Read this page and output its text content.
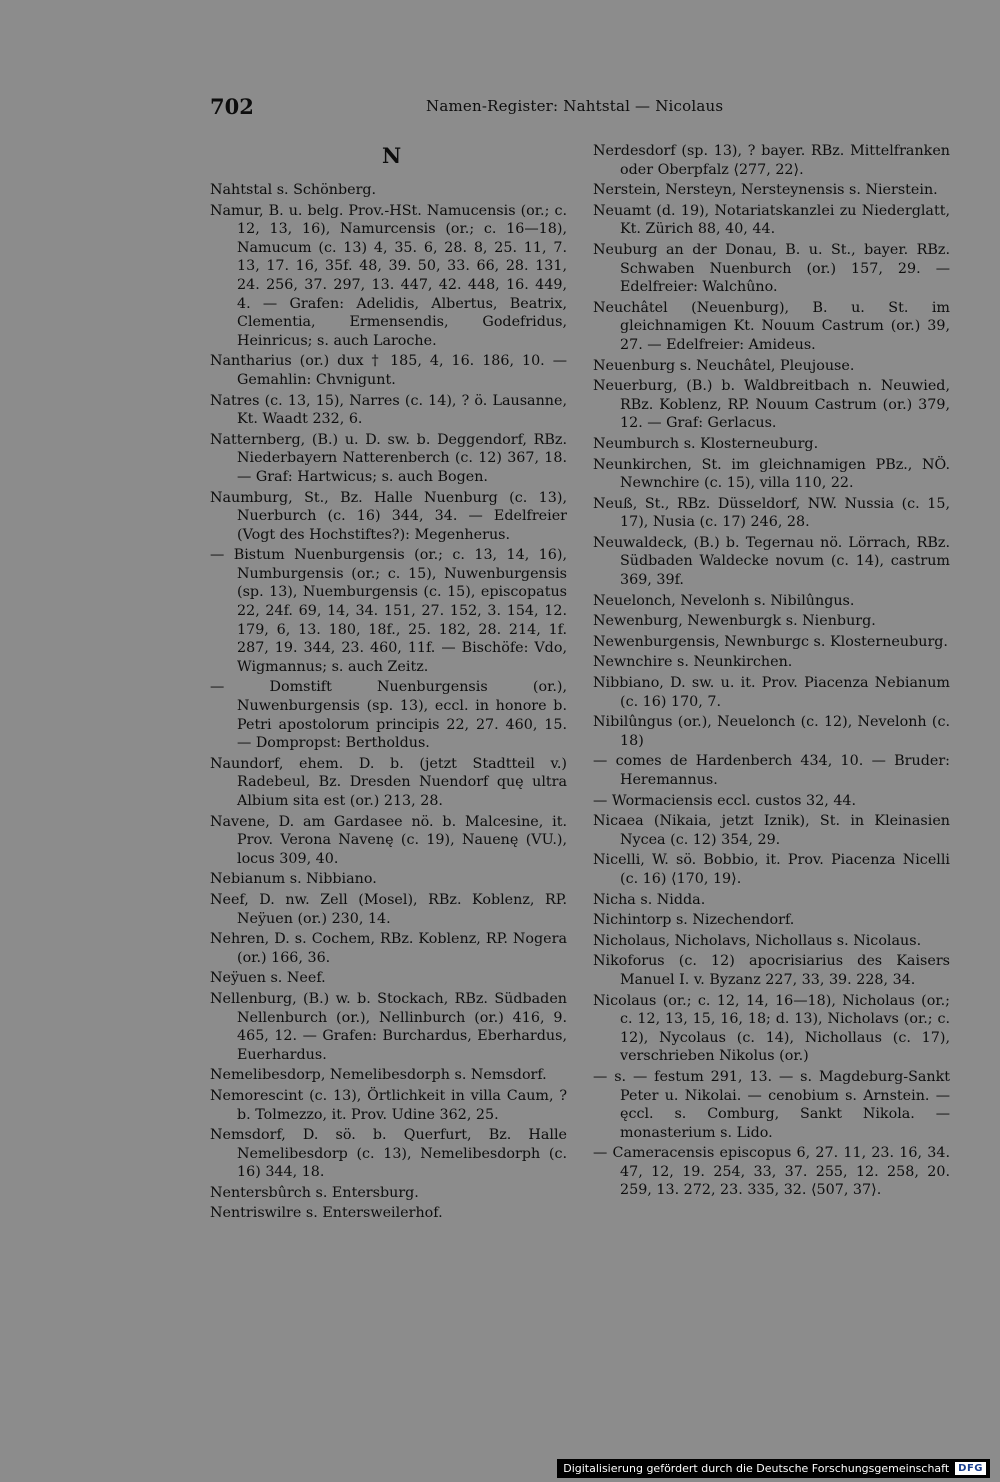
702	Namen-Register: Nahtstal — Nicolaus
N
Nahtstal s. Schönberg.
Namur, B. u. belg. Prov.-HSt. Namucensis (or.; c. 12, 13, 16), Namurcensis (or.; c. 16—18), Namucum (c. 13) 4, 35. 6, 28. 8, 25. 11, 7. 13, 17. 16, 35f. 48, 39. 50, 33. 66, 28. 131, 24. 256, 37. 297, 13. 447, 42. 448, 16. 449, 4. — Grafen: Adelidis, Albertus, Beatrix, Clementia, Ermensendis, Godefridus, Heinricus; s. auch Laroche.
Nantharius (or.) dux † 185, 4, 16. 186, 10. — Gemahlin: Chvnigunt.
Natres (c. 13, 15), Narres (c. 14), ? ö. Lausanne, Kt. Waadt 232, 6.
Natternberg, (B.) u. D. sw. b. Deggendorf, RBz. Niederbayern Natterenberch (c. 12) 367, 18. — Graf: Hartwicus; s. auch Bogen.
Naumburg, St., Bz. Halle Nuenburg (c. 13), Nuerburch (c. 16) 344, 34. — Edelfreier (Vogt des Hochstiftes?): Megenherus.
— Bistum Nuenburgensis (or.; c. 13, 14, 16), Numburgensis (or.; c. 15), Nuwenburgensis (sp. 13), Nuemburgensis (c. 15), episcopatus 22, 24f. 69, 14, 34. 151, 27. 152, 3. 154, 12. 179, 6, 13. 180, 18f., 25. 182, 28. 214, 1f. 287, 19. 344, 23. 460, 11f. — Bischöfe: Vdo, Wigmannus; s. auch Zeitz.
— Domstift Nuenburgensis (or.), Nuwenburgensis (sp. 13), eccl. in honore b. Petri apostolorum principis 22, 27. 460, 15. — Dompropst: Bertholdus.
Naundorf, ehem. D. b. (jetzt Stadtteil v.) Radebeul, Bz. Dresden Nuendorf quę ultra Albium sita est (or.) 213, 28.
Navene, D. am Gardasee nö. b. Malcesine, it. Prov. Verona Navenę (c. 19), Nauenę (VU.), locus 309, 40.
Nebianum s. Nibbiano.
Neef, D. nw. Zell (Mosel), RBz. Koblenz, RP. Neÿuen (or.) 230, 14.
Nehren, D. s. Cochem, RBz. Koblenz, RP. Nogera (or.) 166, 36.
Neÿuen s. Neef.
Nellenburg, (B.) w. b. Stockach, RBz. Südbaden Nellenburch (or.), Nellinburch (or.) 416, 9. 465, 12. — Grafen: Burchardus, Eberhardus, Euerhardus.
Nemelibesdorp, Nemelibesdorph s. Nemsdorf.
Nemorescint (c. 13), Örtlichkeit in villa Caum, ? b. Tolmezzo, it. Prov. Udine 362, 25.
Nemsdorf, D. sö. b. Querfurt, Bz. Halle Nemelibesdorp (c. 13), Nemelibesdorph (c. 16) 344, 18.
Nentersbûrch s. Entersburg.
Nentriswilre s. Entersweilerhof.
Nerdesdorf (sp. 13), ? bayer. RBz. Mittelfranken oder Oberpfalz ⟨277, 22⟩.
Nerstein, Nersteyn, Nersteynensis s. Nierstein.
Neuamt (d. 19), Notariatskanzlei zu Niederglatt, Kt. Zürich 88, 40, 44.
Neuburg an der Donau, B. u. St., bayer. RBz. Schwaben Nuenburch (or.) 157, 29. — Edelfreier: Walchûno.
Neuchâtel (Neuenburg), B. u. St. im gleichnamigen Kt. Nouum Castrum (or.) 39, 27. — Edelfreier: Amideus.
Neuenburg s. Neuchâtel, Pleujouse.
Neuerburg, (B.) b. Waldbreitbach n. Neuwied, RBz. Koblenz, RP. Nouum Castrum (or.) 379, 12. — Graf: Gerlacus.
Neumburch s. Klosterneuburg.
Neunkirchen, St. im gleichnamigen PBz., NÖ. Newnchire (c. 15), villa 110, 22.
Neuß, St., RBz. Düsseldorf, NW. Nussia (c. 15, 17), Nusia (c. 17) 246, 28.
Neuwaldeck, (B.) b. Tegernau nö. Lörrach, RBz. Südbaden Waldecke novum (c. 14), castrum 369, 39f.
Neuelonch, Nevelonh s. Nibilûngus.
Newenburg, Newenburgk s. Nienburg.
Newenburgensis, Newnburgc s. Klosterneuburg.
Newnchire s. Neunkirchen.
Nibbiano, D. sw. u. it. Prov. Piacenza Nebianum (c. 16) 170, 7.
Nibilûngus (or.), Neuelonch (c. 12), Nevelonh (c. 18)
— comes de Hardenberch 434, 10. — Bruder: Heremannus.
— Wormaciensis eccl. custos 32, 44.
Nicaea (Nikaia, jetzt Iznik), St. in Kleinasien Nycea (c. 12) 354, 29.
Nicelli, W. sö. Bobbio, it. Prov. Piacenza Nicelli (c. 16) ⟨170, 19⟩.
Nicha s. Nidda.
Nichintorp s. Nizechendorf.
Nicholaus, Nicholavs, Nichollaus s. Nicolaus.
Nikoforus (c. 12) apocrisiarius des Kaisers Manuel I. v. Byzanz 227, 33, 39. 228, 34.
Nicolaus (or.; c. 12, 14, 16—18), Nicholaus (or.; c. 12, 13, 15, 16, 18; d. 13), Nicholavs (or.; c. 12), Nycolaus (c. 14), Nichollaus (c. 17), verschrieben Nikolus (or.)
— s. — festum 291, 13. — s. Magdeburg-Sankt Peter u. Nikolai. — cenobium s. Arnstein. — ęccl. s. Comburg, Sankt Nikola. — monasterium s. Lido.
— Cameracensis episcopus 6, 27. 11, 23. 16, 34. 47, 12, 19. 254, 33, 37. 255, 12. 258, 20. 259, 13. 272, 23. 335, 32. ⟨507, 37⟩.
Digitalisierung gefördert durch die Deutsche Forschungsgemeinschaft DFG
